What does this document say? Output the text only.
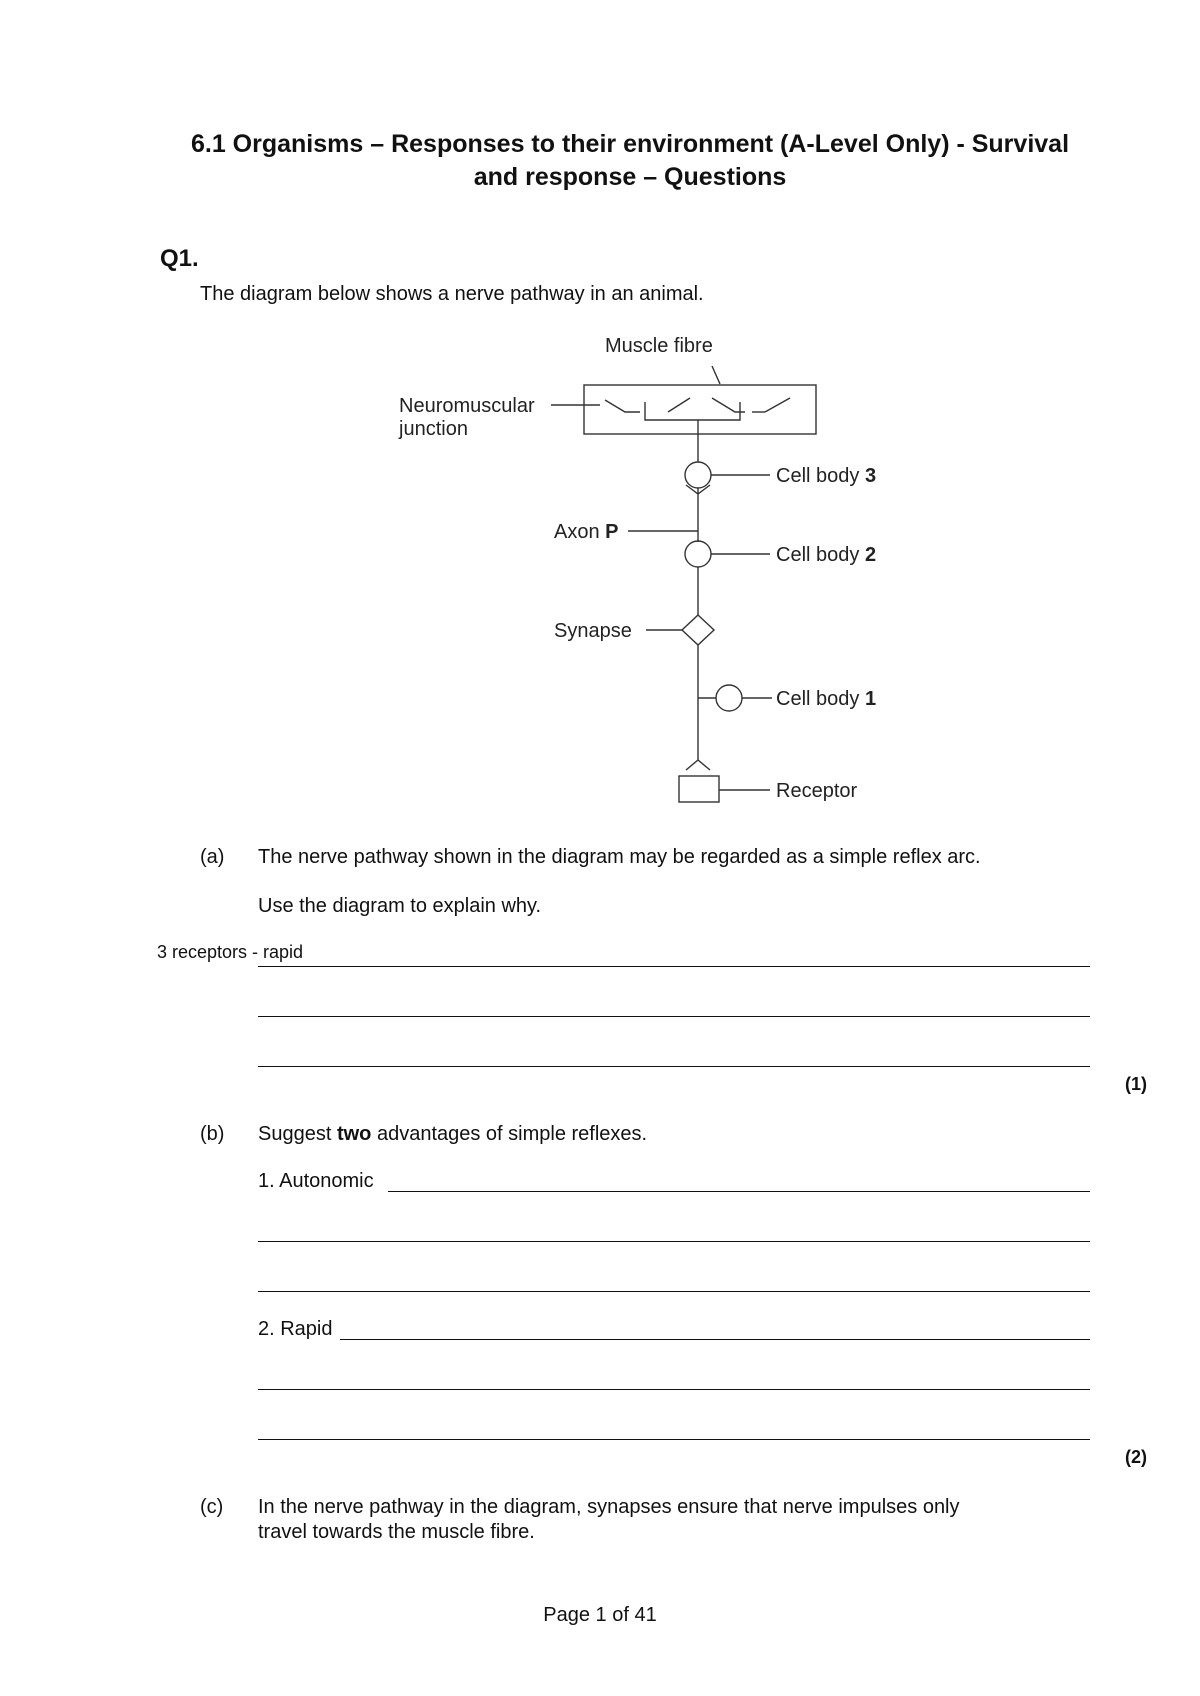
6.1 Organisms – Responses to their environment (A-Level Only) - Survival
and response – Questions
Q1.
The diagram below shows a nerve pathway in an animal.
Muscle fibre
Neuromuscular
junction
Cell body 3
Axon P
Cell body 2
Synapse
Cell body 1
Receptor
(a) The nerve pathway shown in the diagram may be regarded as a simple reflex arc.
Use the diagram to explain why.
3 receptors - rapid
(1)
(b) Suggest two advantages of simple reflexes.
1. Autonomic
2. Rapid
(2)
(c) In the nerve pathway in the diagram, synapses ensure that nerve impulses only
travel towards the muscle fibre.
Page 1 of 41
